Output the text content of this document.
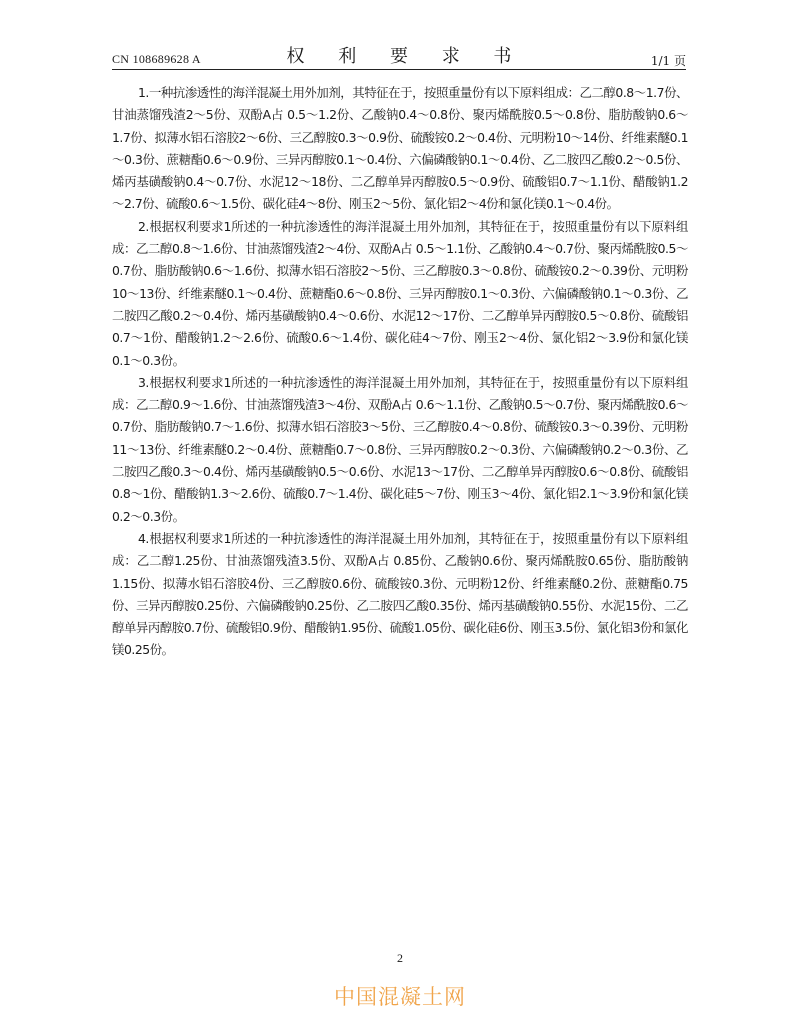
CN 108689628 A	权 利 要 求 书	1/1 页

1.一种抗渗透性的海洋混凝土用外加剂，其特征在于，按照重量份有以下原料组成：乙二醇0.8～1.7份、甘油蒸馏残渣2～5份、双酚A占 0.5～1.2份、乙酸钠0.4～0.8份、聚丙烯酰胺0.5～0.8份、脂肪酸钠0.6～1.7份、拟薄水铝石溶胶2～6份、三乙醇胺0.3～0.9份、硫酸铵0.2～0.4份、元明粉10～14份、纤维素醚0.1～0.3份、蔗糖酯0.6～0.9份、三异丙醇胺0.1～0.4份、六偏磷酸钠0.1～0.4份、乙二胺四乙酸0.2～0.5份、烯丙基磺酸钠0.4～0.7份、水泥12～18份、二乙醇单异丙醇胺0.5～0.9份、硫酸铝0.7～1.1份、醋酸钠1.2～2.7份、硫酸0.6～1.5份、碳化硅4～8份、刚玉2～5份、氯化铝2～4份和氯化镁0.1～0.4份。

2.根据权利要求1所述的一种抗渗透性的海洋混凝土用外加剂，其特征在于，按照重量份有以下原料组成：乙二醇0.8～1.6份、甘油蒸馏残渣2～4份、双酚A占 0.5～1.1份、乙酸钠0.4～0.7份、聚丙烯酰胺0.5～0.7份、脂肪酸钠0.6～1.6份、拟薄水铝石溶胶2～5份、三乙醇胺0.3～0.8份、硫酸铵0.2～0.39份、元明粉10～13份、纤维素醚0.1～0.4份、蔗糖酯0.6～0.8份、三异丙醇胺0.1～0.3份、六偏磷酸钠0.1～0.3份、乙二胺四乙酸0.2～0.4份、烯丙基磺酸钠0.4～0.6份、水泥12～17份、二乙醇单异丙醇胺0.5～0.8份、硫酸铝0.7～1份、醋酸钠1.2～2.6份、硫酸0.6～1.4份、碳化硅4～7份、刚玉2～4份、氯化铝2～3.9份和氯化镁0.1～0.3份。

3.根据权利要求1所述的一种抗渗透性的海洋混凝土用外加剂，其特征在于，按照重量份有以下原料组成：乙二醇0.9～1.6份、甘油蒸馏残渣3～4份、双酚A占 0.6～1.1份、乙酸钠0.5～0.7份、聚丙烯酰胺0.6～0.7份、脂肪酸钠0.7～1.6份、拟薄水铝石溶胶3～5份、三乙醇胺0.4～0.8份、硫酸铵0.3～0.39份、元明粉11～13份、纤维素醚0.2～0.4份、蔗糖酯0.7～0.8份、三异丙醇胺0.2～0.3份、六偏磷酸钠0.2～0.3份、乙二胺四乙酸0.3～0.4份、烯丙基磺酸钠0.5～0.6份、水泥13～17份、二乙醇单异丙醇胺0.6～0.8份、硫酸铝0.8～1份、醋酸钠1.3～2.6份、硫酸0.7～1.4份、碳化硅5～7份、刚玉3～4份、氯化铝2.1～3.9份和氯化镁0.2～0.3份。

4.根据权利要求1所述的一种抗渗透性的海洋混凝土用外加剂，其特征在于，按照重量份有以下原料组成：乙二醇1.25份、甘油蒸馏残渣3.5份、双酚A占 0.85份、乙酸钠0.6份、聚丙烯酰胺0.65份、脂肪酸钠1.15份、拟薄水铝石溶胶4份、三乙醇胺0.6份、硫酸铵0.3份、元明粉12份、纤维素醚0.2份、蔗糖酯0.75份、三异丙醇胺0.25份、六偏磷酸钠0.25份、乙二胺四乙酸0.35份、烯丙基磺酸钠0.55份、水泥15份、二乙醇单异丙醇胺0.7份、硫酸铝0.9份、醋酸钠1.95份、硫酸1.05份、碳化硅6份、刚玉3.5份、氯化铝3份和氯化镁0.25份。

2
中国混凝土网
